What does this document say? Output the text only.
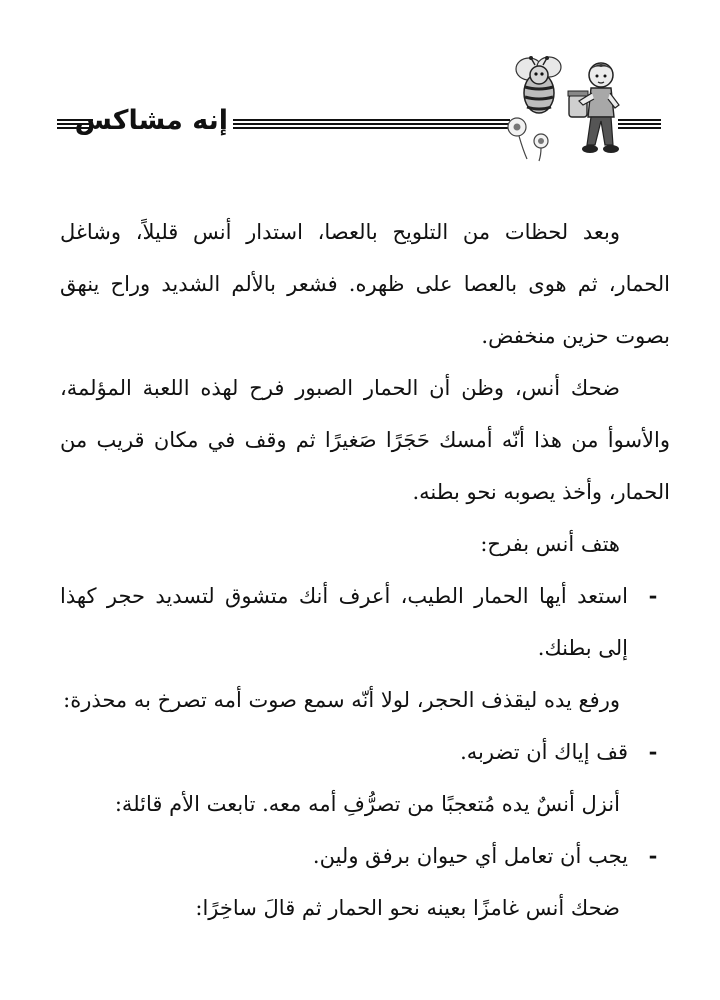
إنه مشاكس

وبعد لحظات من التلويح بالعصا، استدار أنس قليلاً، وشاغل الحمار، ثم هوى بالعصا على ظهره. فشعر بالألم الشديد وراح ينهق بصوت حزين منخفض.

ضحك أنس، وظن أن الحمار الصبور فرح لهذه اللعبة المؤلمة، والأسوأ من هذا أنّه أمسك حَجَرًا صَغيرًا ثم وقف في مكان قريب من الحمار، وأخذ يصوبه نحو بطنه.

هتف أنس بفرح:

-

استعد أيها الحمار الطيب، أعرف أنك متشوق لتسديد حجر كهذا إلى بطنك.

ورفع يده ليقذف الحجر، لولا أنّه سمع صوت أمه تصرخ به محذرة:

-

قف إياك أن تضربه.

أنزل أنسٌ يده مُتعجبًا من تصرُّفِ أمه معه. تابعت الأم قائلة:

-

يجب أن تعامل أي حيوان برفق ولين.

ضحك أنس غامزًا بعينه نحو الحمار ثم قالَ ساخِرًا:
